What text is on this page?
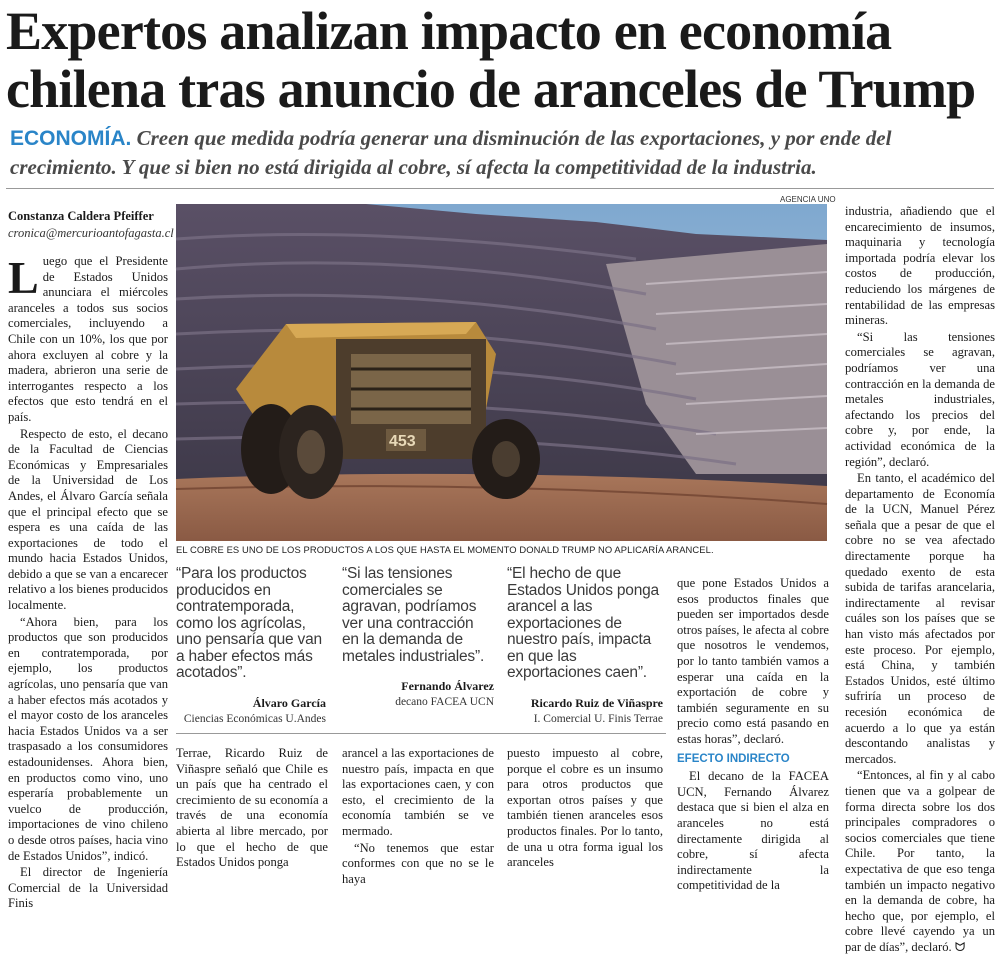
Expertos analizan impacto en economía chilena tras anuncio de aranceles de Trump
ECONOMÍA. Creen que medida podría generar una disminución de las exportaciones, y por ende del crecimiento. Y que si bien no está dirigida al cobre, sí afecta la competitividad de la industria.
Constanza Caldera Pfeiffer
cronica@mercurioantofagasta.cl

Luego que el Presidente de Estados Unidos anunciara el miércoles aranceles a todos sus socios comerciales, incluyendo a Chile con un 10%, los que por ahora excluyen al cobre y la madera, abrieron una serie de interrogantes respecto a los efectos que esto tendrá en el país.

Respecto de esto, el decano de la Facultad de Ciencias Económicas y Empresariales de la Universidad de Los Andes, el Álvaro García señala que el principal efecto que se espera es una caída de las exportaciones de todo el mundo hacia Estados Unidos, debido a que se van a encarecer relativo a los bienes producidos localmente.

“Ahora bien, para los productos que son producidos en contratemporada, por ejemplo, los productos agrícolas, uno pensaría que van a haber efectos más acotados y el mayor costo de los aranceles hacia Estados Unidos va a ser traspasado a los consumidores estadounidenses. Ahora bien, en productos como vino, uno esperaría probablemente un vuelco de producción, importaciones de vino chileno o desde otros países, hacia vino de Estados Unidos”, indicó.

El director de Ingeniería Comercial de la Universidad Finis

AGENCIA UNO
453
EL COBRE ES UNO DE LOS PRODUCTOS A LOS QUE HASTA EL MOMENTO DONALD TRUMP NO APLICARÍA ARANCEL.
“Para los productos producidos en contratemporada, como los agrícolas, uno pensaría que van a haber efectos más acotados”.
Álvaro García
Ciencias Económicas U.Andes
“Si las tensiones comerciales se agravan, podríamos ver una contracción en la demanda de metales industriales”.
Fernando Álvarez
decano FACEA UCN
“El hecho de que Estados Unidos ponga arancel a las exportaciones de nuestro país, impacta en que las exportaciones caen”.
Ricardo Ruiz de Viñaspre
I. Comercial U. Finis Terrae

Terrae, Ricardo Ruiz de Viñaspre señaló que Chile es un país que ha centrado el crecimiento de su economía a través de una economía abierta al libre mercado, por lo que el hecho de que Estados Unidos ponga

arancel a las exportaciones de nuestro país, impacta en que las exportaciones caen, y con esto, el crecimiento de la economía también se ve mermado.

“No tenemos que estar conformes con que no se le haya

puesto impuesto al cobre, porque el cobre es un insumo para otros productos que exportan otros países y que también tienen aranceles esos productos finales. Por lo tanto, de una u otra forma igual los aranceles

que pone Estados Unidos a esos productos finales que pueden ser importados desde otros países, le afecta al cobre que nosotros le vendemos, por lo tanto también vamos a esperar una caída en la exportación de cobre y también seguramente en su precio como está pasando en estas horas”, declaró.

EFECTO INDIRECTO

El decano de la FACEA UCN, Fernando Álvarez destaca que si bien el alza en aranceles no está directamente dirigida al cobre, sí afecta indirectamente la competitividad de la

industria, añadiendo que el encarecimiento de insumos, maquinaria y tecnología importada podría elevar los costos de producción, reduciendo los márgenes de rentabilidad de las empresas mineras.

“Si las tensiones comerciales se agravan, podríamos ver una contracción en la demanda de metales industriales, afectando los precios del cobre y, por ende, la actividad económica de la región”, declaró.

En tanto, el académico del departamento de Economía de la UCN, Manuel Pérez señala que a pesar de que el cobre no se vea afectado directamente porque ha quedado exento de esta subida de tarifas arancelaria, indirectamente al revisar cuáles son los países que se han visto más afectados por este proceso. Por ejemplo, está China, y también Estados Unidos, esté último sufriría un proceso de recesión económica de acuerdo a lo que ya están descontando analistas y mercados.

“Entonces, al fin y al cabo tienen que va a golpear de forma directa sobre los dos principales compradores o socios comerciales que tiene Chile. Por tanto, la expectativa de que eso tenga también un impacto negativo en la demanda de cobre, ha hecho que, por ejemplo, el cobre llevé cayendo ya un par de días”, declaró. ᗢ
